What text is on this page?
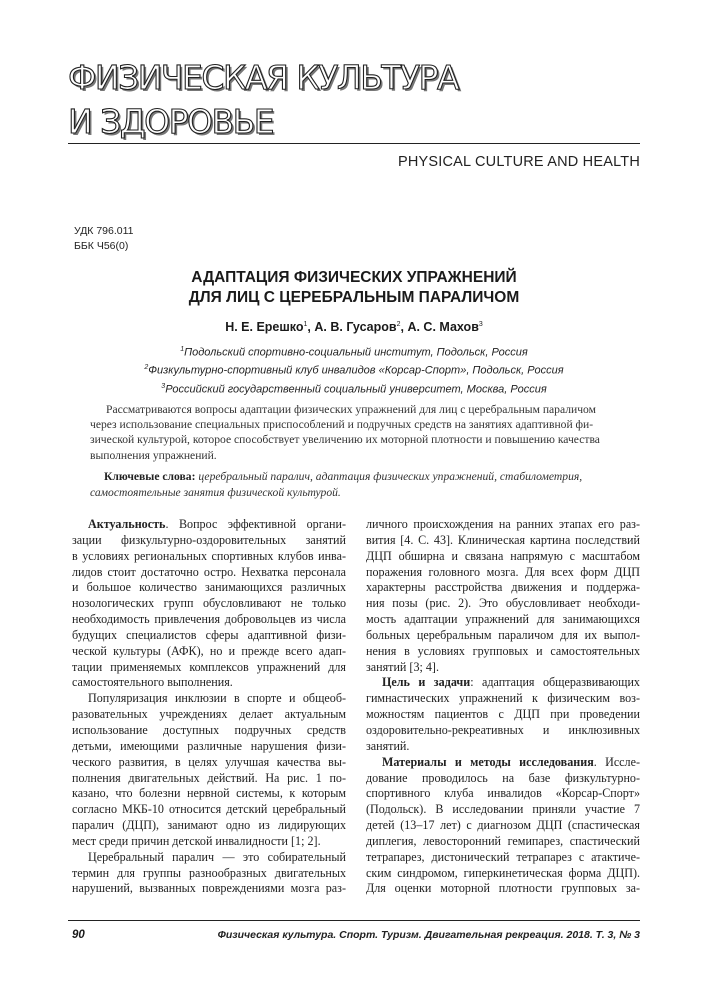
ФИЗИЧЕСКАЯ КУЛЬТУРА
И ЗДОРОВЬЕ
PHYSICAL CULTURE AND HEALTH
УДК 796.011
ББК Ч56(0)
АДАПТАЦИЯ ФИЗИЧЕСКИХ УПРАЖНЕНИЙ
ДЛЯ ЛИЦ С ЦЕРЕБРАЛЬНЫМ ПАРАЛИЧОМ
Н. Е. Ерешко$^1$, А. В. Гусаров$^2$, А. С. Махов$^3$
$^1$Подольский спортивно-социальный институт, Подольск, Россия
$^2$Физкультурно-спортивный клуб инвалидов «Корсар-Спорт», Подольск, Россия
$^3$Российский государственный социальный университет, Москва, Россия
Рассматриваются вопросы адаптации физических упражнений для лиц с церебральным параличом
через использование специальных приспособлений и подручных средств на занятиях адаптивной фи-
зической культурой, которое способствует увеличению их моторной плотности и повышению качества
выполнения упражнений.
Ключевые слова: церебральный паралич, адаптация физических упражнений, стабилометрия,
самостоятельные занятия физической культурой.
Актуальность. Вопрос эффективной органи-
зации физкультурно-оздоровительных занятий
в условиях региональных спортивных клубов инва-
лидов стоит достаточно остро. Нехватка персонала
и большое количество занимающихся различных
нозологических групп обусловливают не только
необходимость привлечения добровольцев из числа
будущих специалистов сферы адаптивной физи-
ческой культуры (АФК), но и прежде всего адап-
тации применяемых комплексов упражнений для
самостоятельного выполнения.
Популяризация инклюзии в спорте и общеоб-
разовательных учреждениях делает актуальным
использование доступных подручных средств
детьми, имеющими различные нарушения физи-
ческого развития, в целях улучшая качества вы-
полнения двигательных действий. На рис. 1 по-
казано, что болезни нервной системы, к которым
согласно МКБ-10 относится детский церебральный
паралич (ДЦП), занимают одно из лидирующих
мест среди причин детской инвалидности [1; 2].
Церебральный паралич — это собирательный
термин для группы разнообразных двигательных
нарушений, вызванных повреждениями мозга раз-
личного происхождения на ранних этапах его раз-
вития [4. С. 43]. Клиническая картина последствий
ДЦП обширна и связана напрямую с масштабом
поражения головного мозга. Для всех форм ДЦП
характерны расстройства движения и поддержа-
ния позы (рис. 2). Это обусловливает необходи-
мость адаптации упражнений для занимающихся
больных церебральным параличом для их выпол-
нения в условиях групповых и самостоятельных
занятий [3; 4].
Цель и задачи: адаптация общеразвивающих
гимнастических упражнений к физическим воз-
можностям пациентов с ДЦП при проведении
оздоровительно-рекреативных и инклюзивных
занятий.
Материалы и методы исследования. Иссле-
дование проводилось на базе физкультурно-
спортивного клуба инвалидов «Корсар-Спорт»
(Подольск). В исследовании приняли участие 7
детей (13–17 лет) с диагнозом ДЦП (спастическая
диплегия, левосторонний гемипарез, спастический
тетрапарез, дистонический тетрапарез с атактиче-
ским синдромом, гиперкинетическая форма ДЦП).
Для оценки моторной плотности групповых за-
90	Физическая культура. Спорт. Туризм. Двигательная рекреация. 2018. Т. 3, № 3
